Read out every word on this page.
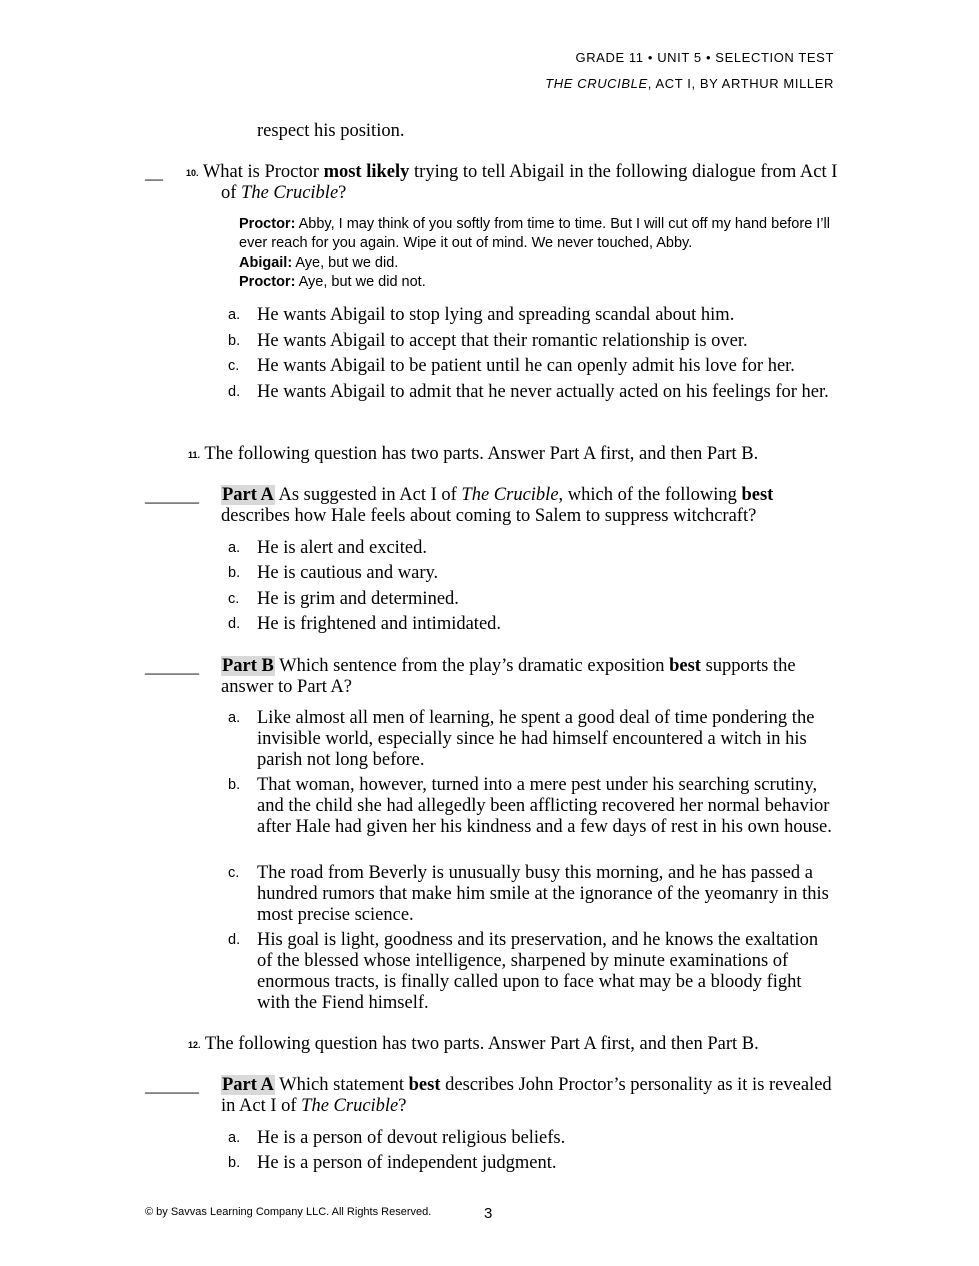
GRADE 11 • UNIT 5 • SELECTION TEST
THE CRUCIBLE, ACT I, BY ARTHUR MILLER
respect his position.
__	$^{10.}$ What is Proctor most likely trying to tell Abigail in the following dialogue from Act I of The Crucible?
Proctor: Abby, I may think of you softly from time to time. But I will cut off my hand before I’ll ever reach for you again. Wipe it out of mind. We never touched, Abby.
Abigail: Aye, but we did.
Proctor: Aye, but we did not.
a. He wants Abigail to stop lying and spreading scandal about him.
b. He wants Abigail to accept that their romantic relationship is over.
c. He wants Abigail to be patient until he can openly admit his love for her.
d. He wants Abigail to admit that he never actually acted on his feelings for her.
$^{11.}$ The following question has two parts. Answer Part A first, and then Part B.
______ Part A As suggested in Act I of The Crucible, which of the following best describes how Hale feels about coming to Salem to suppress witchcraft?
a. He is alert and excited.
b. He is cautious and wary.
c. He is grim and determined.
d. He is frightened and intimidated.
______ Part B Which sentence from the play’s dramatic exposition best supports the answer to Part A?
a. Like almost all men of learning, he spent a good deal of time pondering the invisible world, especially since he had himself encountered a witch in his parish not long before.
b. That woman, however, turned into a mere pest under his searching scrutiny, and the child she had allegedly been afflicting recovered her normal behavior after Hale had given her his kindness and a few days of rest in his own house.
c. The road from Beverly is unusually busy this morning, and he has passed a hundred rumors that make him smile at the ignorance of the yeomanry in this most precise science.
d. His goal is light, goodness and its preservation, and he knows the exaltation of the blessed whose intelligence, sharpened by minute examinations of enormous tracts, is finally called upon to face what may be a bloody fight with the Fiend himself.
$^{12.}$ The following question has two parts. Answer Part A first, and then Part B.
______ Part A Which statement best describes John Proctor’s personality as it is revealed in Act I of The Crucible?
a. He is a person of devout religious beliefs.
b. He is a person of independent judgment.
© by Savvas Learning Company LLC. All Rights Reserved.	3
